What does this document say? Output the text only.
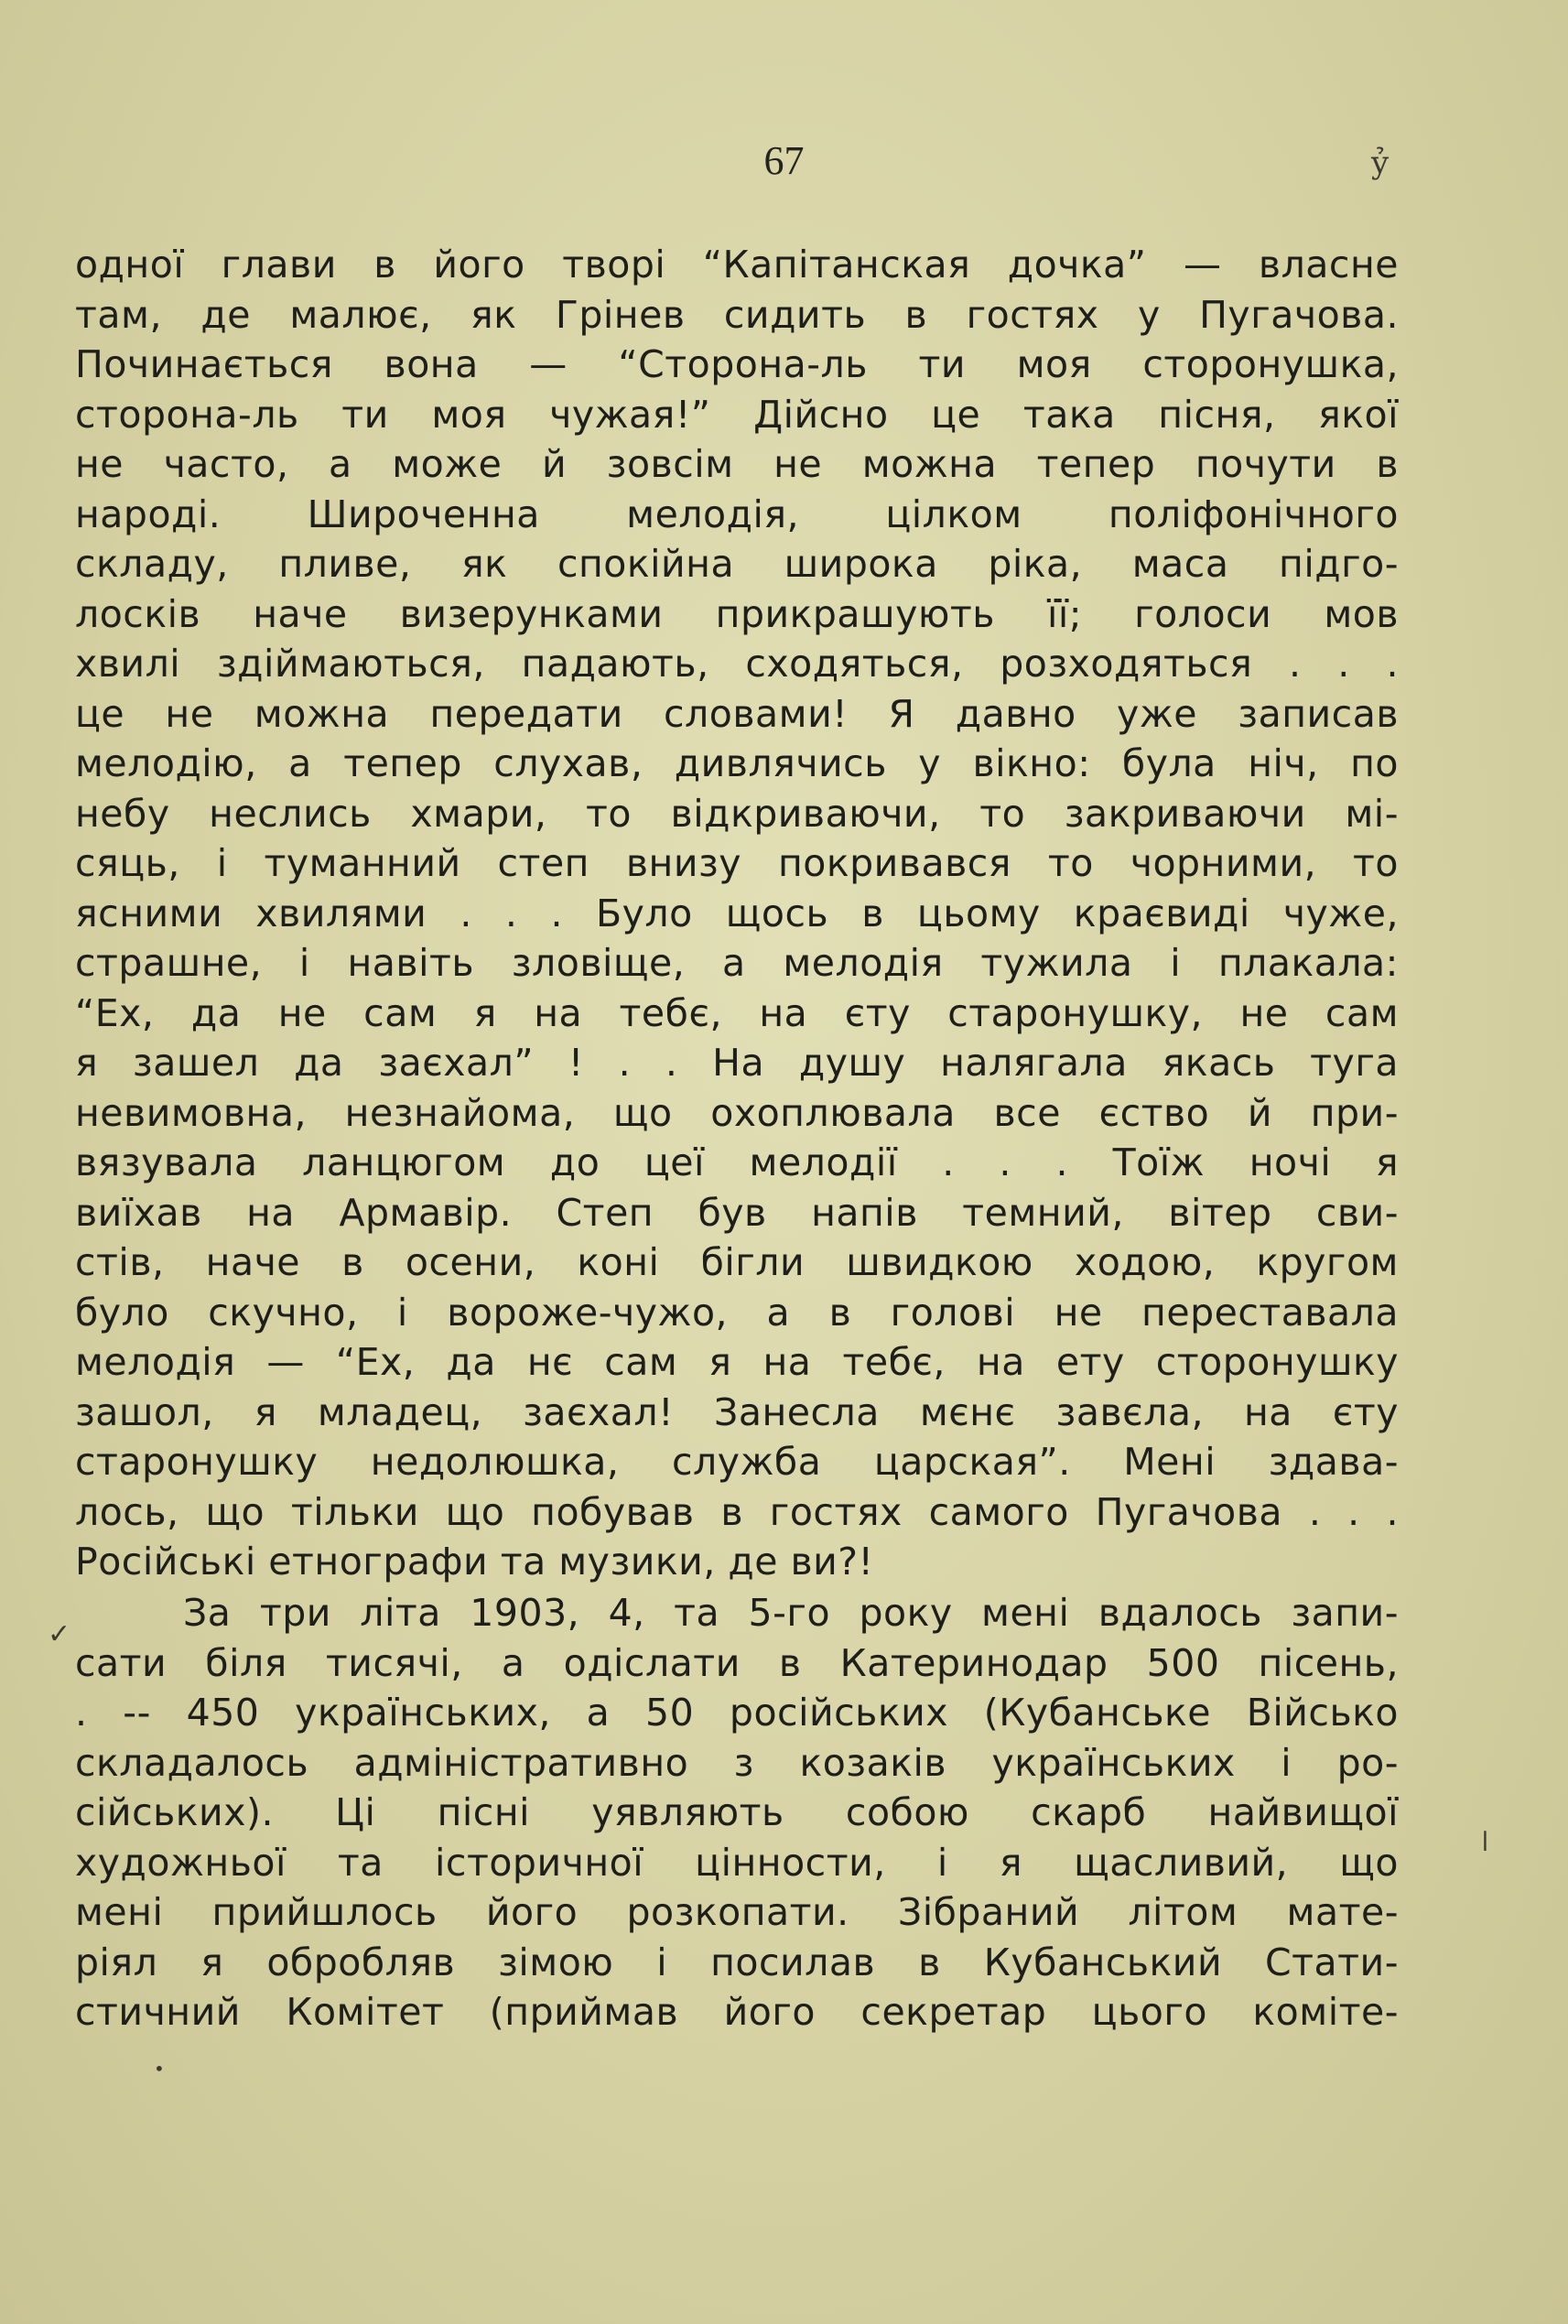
67	ỷ
одної глави в його творі “Капітанская дочка” — власне
там, де малює, як Грінев сидить в гостях у Пугачова.
Починається вона — “Сторона-ль ти моя сторонушка,
сторона-ль ти моя чужая!” Дійсно це така пісня, якої
не часто, а може й зовсім не можна тепер почути в
народі. Широченна мелодія, цілком поліфонічного
складу, пливе, як спокійна широка ріка, маса підго-
лосків наче визерунками прикрашують її; голоси мов
хвилі здіймаються, падають, сходяться, розходяться . . .
це не можна передати словами! Я давно уже записав
мелодію, а тепер слухав, дивлячись у вікно: була ніч, по
небу неслись хмари, то відкриваючи, то закриваючи мі-
сяць, і туманний степ внизу покривався то чорними, то
ясними хвилями . . . Було щось в цьому краєвиді чуже,
страшне, і навіть зловіще, а мелодія тужила і плакала:
“Ех, да не сам я на тебє, на єту старонушку, не сам
я зашел да заєхал” ! . . На душу налягала якась туга
невимовна, незнайома, що охоплювала все єство й при-
вязувала ланцюгом до цеї мелодії . . . Тоїж ночі я
виїхав на Армавір. Степ був напів темний, вітер сви-
стів, наче в осени, коні бігли швидкою ходою, кругом
було скучно, і вороже-чужо, а в голові не переставала
мелодія — “Ех, да нє сам я на тебє, на ету сторонушку
зашол, я младец, заєхал! Занесла мєнє завєла, на єту
старонушку недолюшка, служба царская”. Мені здава-
лось, що тільки що побував в гостях самого Пугачова . . .
Російські етнографи та музики, де ви?!
За три літа 1903, 4, та 5-го року мені вдалось запи-
сати біля тисячі, а одіслати в Катеринодар 500 пісень,
. -- 450 українських, а 50 російських (Кубанське Військо
складалось адміністративно з козаків українських і ро-
сійських). Ці пісні уявляють собою скарб найвищої
художньої та історичної цінности, і я щасливий, що
мені прийшлось його розкопати. Зібраний літом мате-
ріял я обробляв зімою і посилав в Кубанський Стати-
стичний Комітет (приймав його секретар цього коміте-
✓
ǀ
•
